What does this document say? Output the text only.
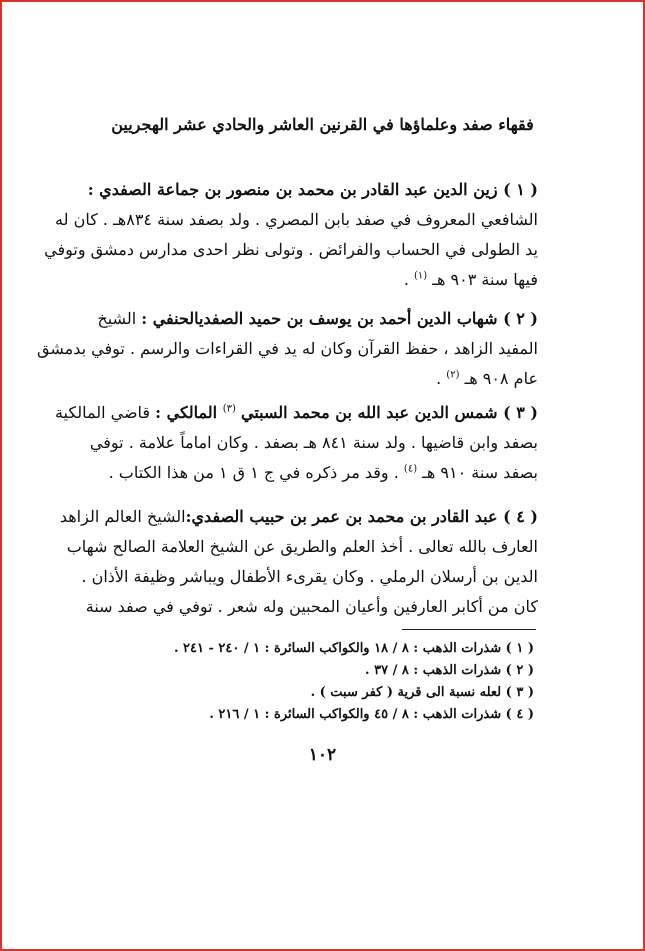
فقهاء صفد وعلماؤها في القرنين العاشر والحادي عشر الهجريين
( ١ ) زين الدين عبد القادر بن محمد بن منصور بن جماعة الصفدي :
الشافعي المعروف في صفد بابن المصري . ولد بصفد سنة ٨٣٤هـ . كان له
يد الطولى في الحساب والفرائض . وتولى نظر احدى مدارس دمشق وتوفي
فيها سنة ٩٠٣ هـ $^{(١)}$ .
( ٢ ) شهاب الدين أحمد بن يوسف بن حميد الصفديالحنفي : الشيخ
المفيد الزاهد ، حفظ القرآن وكان له يد في القراءات والرسم . توفي بدمشق
عام ٩٠٨ هـ $^{(٢)}$ .
( ٣ ) شمس الدين عبد الله بن محمد السبتي $^{(٣)}$ المالكي : قاضي المالكية
بصفد وابن قاضيها . ولد سنة ٨٤١ هـ بصفد . وكان اماماً علامة . توفي
بصفد سنة ٩١٠ هـ $^{(٤)}$ . وقد مر ذكره في ج ١ ق ١ من هذا الكتاب .
( ٤ ) عبد القادر بن محمد بن عمر بن حبيب الصفدي:الشيخ العالم الزاهد
العارف بالله تعالى . أخذ العلم والطريق عن الشيخ العلامة الصالح شهاب
الدين بن أرسلان الرملي . وكان يقرىء الأطفال ويباشر وظيفة الأذان .
كان من أكابر العارفين وأعيان المحبين وله شعر . توفي في صفد سنة
( ١ ) شذرات الذهب : ٨ / ١٨ والكواكب السائرة : ١ / ٢٤٠ - ٢٤١ .
( ٢ ) شذرات الذهب : ٨ / ٣٧ .
( ٣ ) لعله نسبة الى قرية ( كفر سبت ) .
( ٤ ) شذرات الذهب : ٨ / ٤٥ والكواكب السائرة : ١ / ٢١٦ .
١٠٢
